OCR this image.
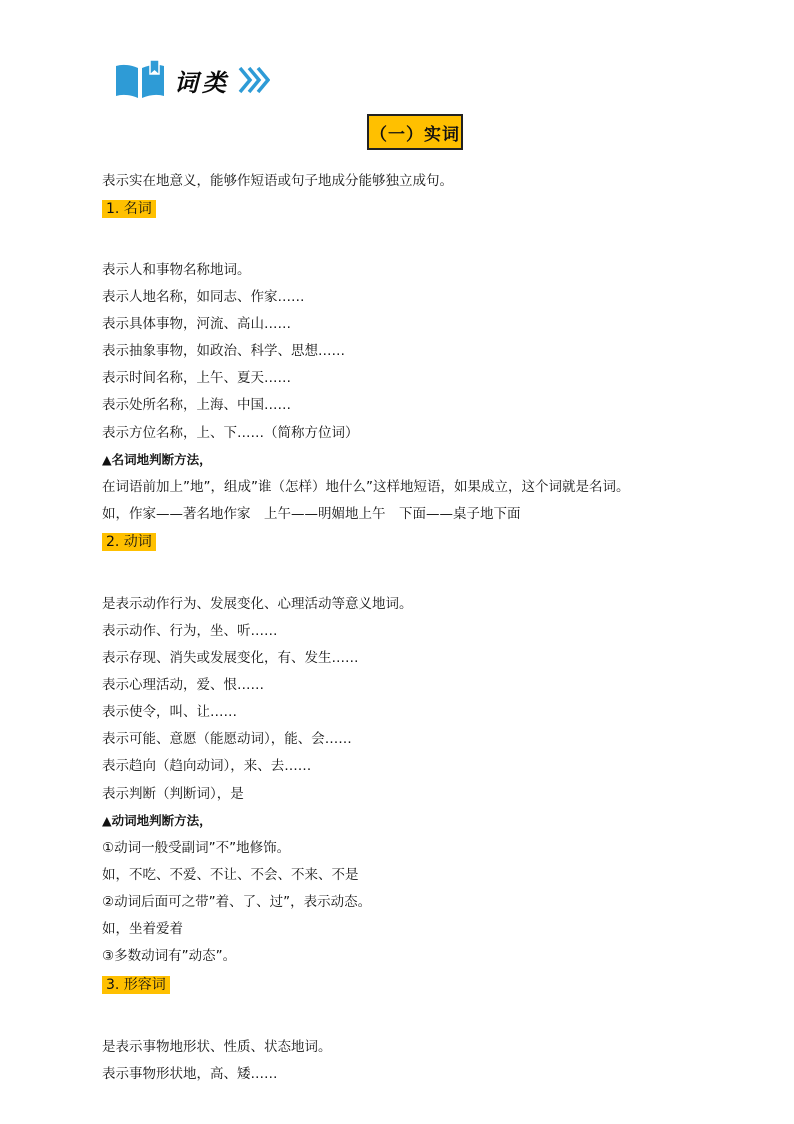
词类
（一）实词
表示实在地意义，能够作短语或句子地成分能够独立成句。
1. 名词
表示人和事物名称地词。
表示人地名称，如同志、作家……
表示具体事物，河流、高山……
表示抽象事物，如政治、科学、思想……
表示时间名称，上午、夏天……
表示处所名称，上海、中国……
表示方位名称，上、下……（简称方位词）
▲名词地判断方法，
在词语前加上”地”，组成”谁（怎样）地什么”这样地短语，如果成立，这个词就是名词。
如，作家——著名地作家　上午——明媚地上午　下面——桌子地下面
2. 动词
是表示动作行为、发展变化、心理活动等意义地词。
表示动作、行为，坐、听……
表示存现、消失或发展变化，有、发生……
表示心理活动，爱、恨……
表示使令，叫、让……
表示可能、意愿（能愿动词），能、会……
表示趋向（趋向动词），来、去……
表示判断（判断词），是
▲动词地判断方法，
①动词一般受副词”不”地修饰。
如，不吃、不爱、不让、不会、不来、不是
②动词后面可之带”着、了、过”，表示动态。
如，坐着爱着
③多数动词有”动态”。
3. 形容词
是表示事物地形状、性质、状态地词。
表示事物形状地，高、矮……
